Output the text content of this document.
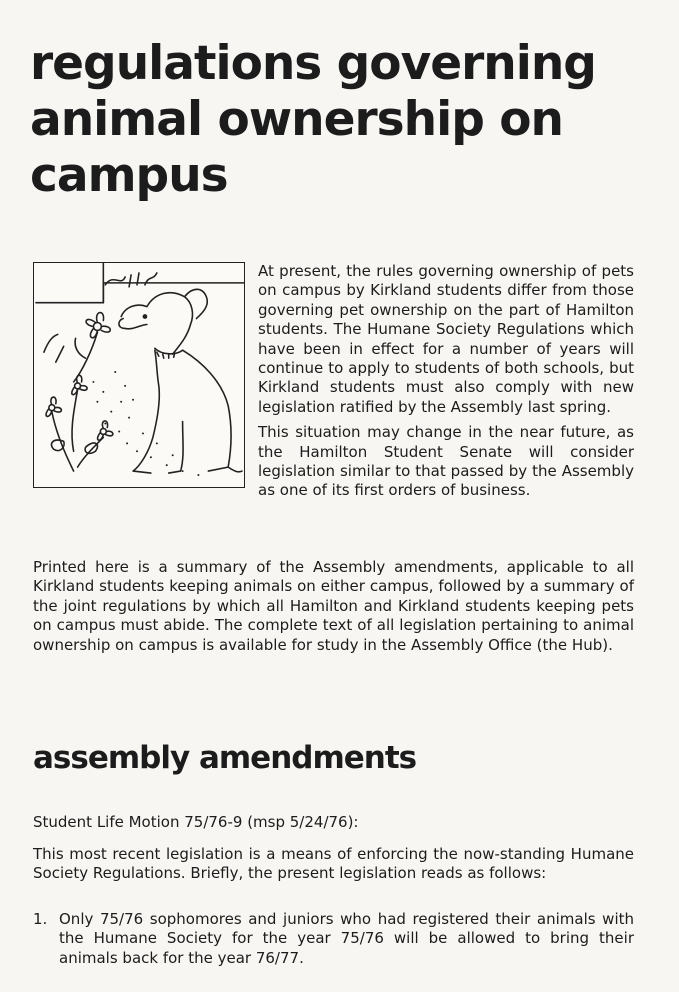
regulations governing animal ownership on campus

At present, the rules governing ownership of pets on campus by Kirkland students differ from those governing pet ownership on the part of Hamilton students. The Humane Society Regulations which have been in effect for a number of years will continue to apply to students of both schools, but Kirkland students must also comply with new legislation ratified by the Assembly last spring.

This situation may change in the near future, as the Hamilton Student Senate will consider legislation similar to that passed by the Assembly as one of its first orders of business.

Printed here is a summary of the Assembly amendments, applicable to all Kirkland students keeping animals on either campus, followed by a summary of the joint regulations by which all Hamilton and Kirkland students keeping pets on campus must abide. The complete text of all legislation pertaining to animal ownership on campus is available for study in the Assembly Office (the Hub).

assembly amendments

Student Life Motion 75/76-9 (msp 5/24/76):

This most recent legislation is a means of enforcing the now-standing Humane Society Regulations. Briefly, the present legislation reads as follows:

1. Only 75/76 sophomores and juniors who had registered their animals with the Humane Society for the year 75/76 will be allowed to bring their animals back for the year 76/77.
